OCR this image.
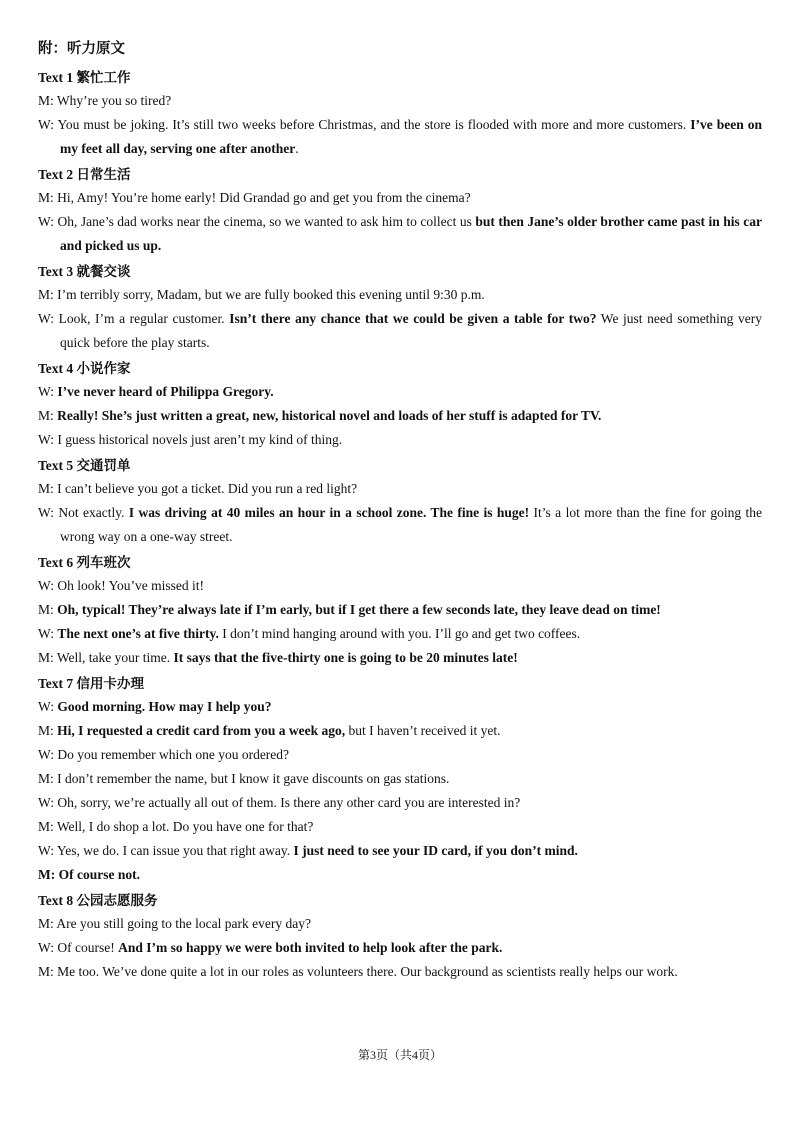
附：听力原文
Text 1 繁忙工作
M: Why’re you so tired?
W: You must be joking. It’s still two weeks before Christmas, and the store is flooded with more and more customers. I’ve been on my feet all day, serving one after another.
Text 2 日常生活
M: Hi, Amy! You’re home early! Did Grandad go and get you from the cinema?
W: Oh, Jane’s dad works near the cinema, so we wanted to ask him to collect us but then Jane’s older brother came past in his car and picked us up.
Text 3 就餐交谈
M: I’m terribly sorry, Madam, but we are fully booked this evening until 9:30 p.m.
W: Look, I’m a regular customer. Isn’t there any chance that we could be given a table for two? We just need something very quick before the play starts.
Text 4 小说作家
W: I’ve never heard of Philippa Gregory.
M: Really! She’s just written a great, new, historical novel and loads of her stuff is adapted for TV.
W: I guess historical novels just aren’t my kind of thing.
Text 5 交通罚单
M: I can’t believe you got a ticket. Did you run a red light?
W: Not exactly. I was driving at 40 miles an hour in a school zone. The fine is huge! It’s a lot more than the fine for going the wrong way on a one-way street.
Text 6 列车班次
W: Oh look! You’ve missed it!
M: Oh, typical! They’re always late if I’m early, but if I get there a few seconds late, they leave dead on time!
W: The next one’s at five thirty. I don’t mind hanging around with you. I’ll go and get two coffees.
M: Well, take your time. It says that the five-thirty one is going to be 20 minutes late!
Text 7 信用卡办理
W: Good morning. How may I help you?
M: Hi, I requested a credit card from you a week ago, but I haven’t received it yet.
W: Do you remember which one you ordered?
M: I don’t remember the name, but I know it gave discounts on gas stations.
W: Oh, sorry, we’re actually all out of them. Is there any other card you are interested in?
M: Well, I do shop a lot. Do you have one for that?
W: Yes, we do. I can issue you that right away. I just need to see your ID card, if you don’t mind.
M: Of course not.
Text 8 公园志愿服务
M: Are you still going to the local park every day?
W: Of course! And I’m so happy we were both invited to help look after the park.
M: Me too. We’ve done quite a lot in our roles as volunteers there. Our background as scientists really helps our work.
第3页（共4页）
